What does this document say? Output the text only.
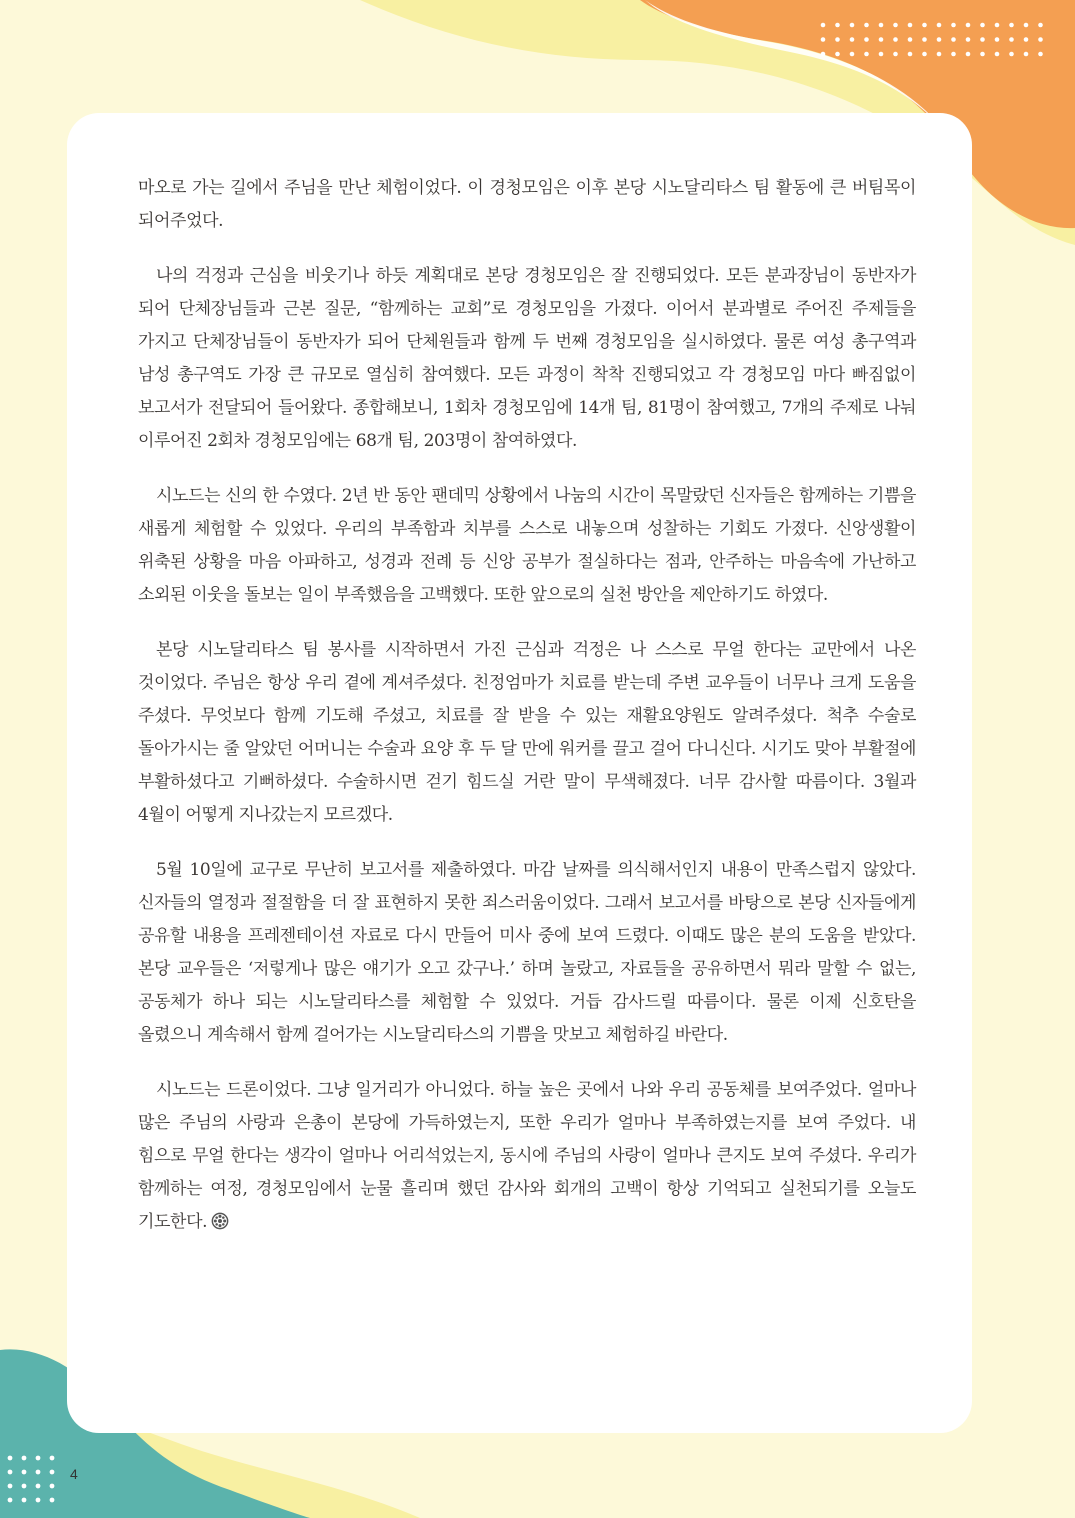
마오로 가는 길에서 주님을 만난 체험이었다. 이 경청모임은 이후 본당 시노달리타스 팀 활동에 큰 버팀목이 되어주었다.

나의 걱정과 근심을 비웃기나 하듯 계획대로 본당 경청모임은 잘 진행되었다. 모든 분과장님이 동반자가 되어 단체장님들과 근본 질문, “함께하는 교회”로 경청모임을 가졌다. 이어서 분과별로 주어진 주제들을 가지고 단체장님들이 동반자가 되어 단체원들과 함께 두 번째 경청모임을 실시하였다. 물론 여성 총구역과 남성 총구역도 가장 큰 규모로 열심히 참여했다. 모든 과정이 착착 진행되었고 각 경청모임 마다 빠짐없이 보고서가 전달되어 들어왔다. 종합해보니, 1회차 경청모임에 14개 팀, 81명이 참여했고, 7개의 주제로 나눠 이루어진 2회차 경청모임에는 68개 팀, 203명이 참여하였다.

시노드는 신의 한 수였다. 2년 반 동안 팬데믹 상황에서 나눔의 시간이 목말랐던 신자들은 함께하는 기쁨을 새롭게 체험할 수 있었다. 우리의 부족함과 치부를 스스로 내놓으며 성찰하는 기회도 가졌다. 신앙생활이 위축된 상황을 마음 아파하고, 성경과 전례 등 신앙 공부가 절실하다는 점과, 안주하는 마음속에 가난하고 소외된 이웃을 돌보는 일이 부족했음을 고백했다. 또한 앞으로의 실천 방안을 제안하기도 하였다.

본당 시노달리타스 팀 봉사를 시작하면서 가진 근심과 걱정은 나 스스로 무얼 한다는 교만에서 나온 것이었다. 주님은 항상 우리 곁에 계셔주셨다. 친정엄마가 치료를 받는데 주변 교우들이 너무나 크게 도움을 주셨다. 무엇보다 함께 기도해 주셨고, 치료를 잘 받을 수 있는 재활요양원도 알려주셨다. 척추 수술로 돌아가시는 줄 알았던 어머니는 수술과 요양 후 두 달 만에 워커를 끌고 걸어 다니신다. 시기도 맞아 부활절에 부활하셨다고 기뻐하셨다. 수술하시면 걷기 힘드실 거란 말이 무색해졌다. 너무 감사할 따름이다. 3월과 4월이 어떻게 지나갔는지 모르겠다.

5월 10일에 교구로 무난히 보고서를 제출하였다. 마감 날짜를 의식해서인지 내용이 만족스럽지 않았다. 신자들의 열정과 절절함을 더 잘 표현하지 못한 죄스러움이었다. 그래서 보고서를 바탕으로 본당 신자들에게 공유할 내용을 프레젠테이션 자료로 다시 만들어 미사 중에 보여 드렸다. 이때도 많은 분의 도움을 받았다. 본당 교우들은 ‘저렇게나 많은 얘기가 오고 갔구나.’ 하며 놀랐고, 자료들을 공유하면서 뭐라 말할 수 없는, 공동체가 하나 되는 시노달리타스를 체험할 수 있었다. 거듭 감사드릴 따름이다. 물론 이제 신호탄을 올렸으니 계속해서 함께 걸어가는 시노달리타스의 기쁨을 맛보고 체험하길 바란다.

시노드는 드론이었다. 그냥 일거리가 아니었다. 하늘 높은 곳에서 나와 우리 공동체를 보여주었다. 얼마나 많은 주님의 사랑과 은총이 본당에 가득하였는지, 또한 우리가 얼마나 부족하였는지를 보여 주었다. 내 힘으로 무얼 한다는 생각이 얼마나 어리석었는지, 동시에 주님의 사랑이 얼마나 큰지도 보여 주셨다. 우리가 함께하는 여정, 경청모임에서 눈물 흘리며 했던 감사와 회개의 고백이 항상 기억되고 실천되기를 오늘도 기도한다.

4
